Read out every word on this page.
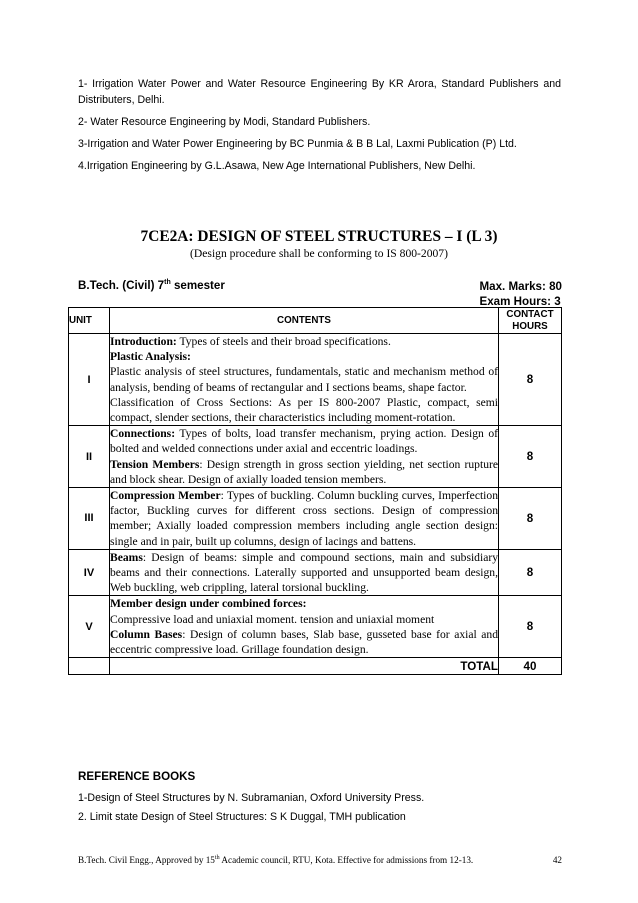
1- Irrigation Water Power and Water Resource Engineering By KR Arora, Standard Publishers and Distributers, Delhi.

2- Water Resource Engineering by Modi, Standard Publishers.

3-Irrigation and Water Power Engineering by BC Punmia & B B Lal, Laxmi Publication (P) Ltd.

4.Irrigation Engineering by G.L.Asawa, New Age International Publishers, New Delhi.

7CE2A: DESIGN OF STEEL STRUCTURES – I (L 3)
(Design procedure shall be conforming to IS 800-2007)
B.Tech. (Civil) 7th semester	Max. Marks: 80
Exam Hours: 3
UNIT	CONTENTS	CONTACT
HOURS

I	Introduction: Types of steels and their broad specifications.
Plastic Analysis:
Plastic analysis of steel structures, fundamentals, static and mechanism method of analysis, bending of beams of rectangular and I sections beams, shape factor.
Classification of Cross Sections: As per IS 800-2007 Plastic, compact, semi compact, slender sections, their characteristics including moment-rotation.	8
II	Connections: Types of bolts, load transfer mechanism, prying action. Design of bolted and welded connections under axial and eccentric loadings.
Tension Members: Design strength in gross section yielding, net section rupture and block shear. Design of axially loaded tension members.	8
III	Compression Member: Types of buckling. Column buckling curves, Imperfection factor, Buckling curves for different cross sections. Design of compression member; Axially loaded compression members including angle section design: single and in pair, built up columns, design of lacings and battens.	8
IV	Beams: Design of beams: simple and compound sections, main and subsidiary beams and their connections. Laterally supported and unsupported beam design, Web buckling, web crippling, lateral torsional buckling.	8
V	Member design under combined forces:
Compressive load and uniaxial moment. tension and uniaxial moment
Column Bases: Design of column bases, Slab base, gusseted base for axial and eccentric compressive load. Grillage foundation design.	8
	TOTAL	40
REFERENCE BOOKS

1-Design of Steel Structures by N. Subramanian, Oxford University Press.

2. Limit state Design of Steel Structures: S K Duggal, TMH publication

B.Tech. Civil Engg., Approved by 15th Academic council, RTU, Kota. Effective for admissions from 12-13.	42
